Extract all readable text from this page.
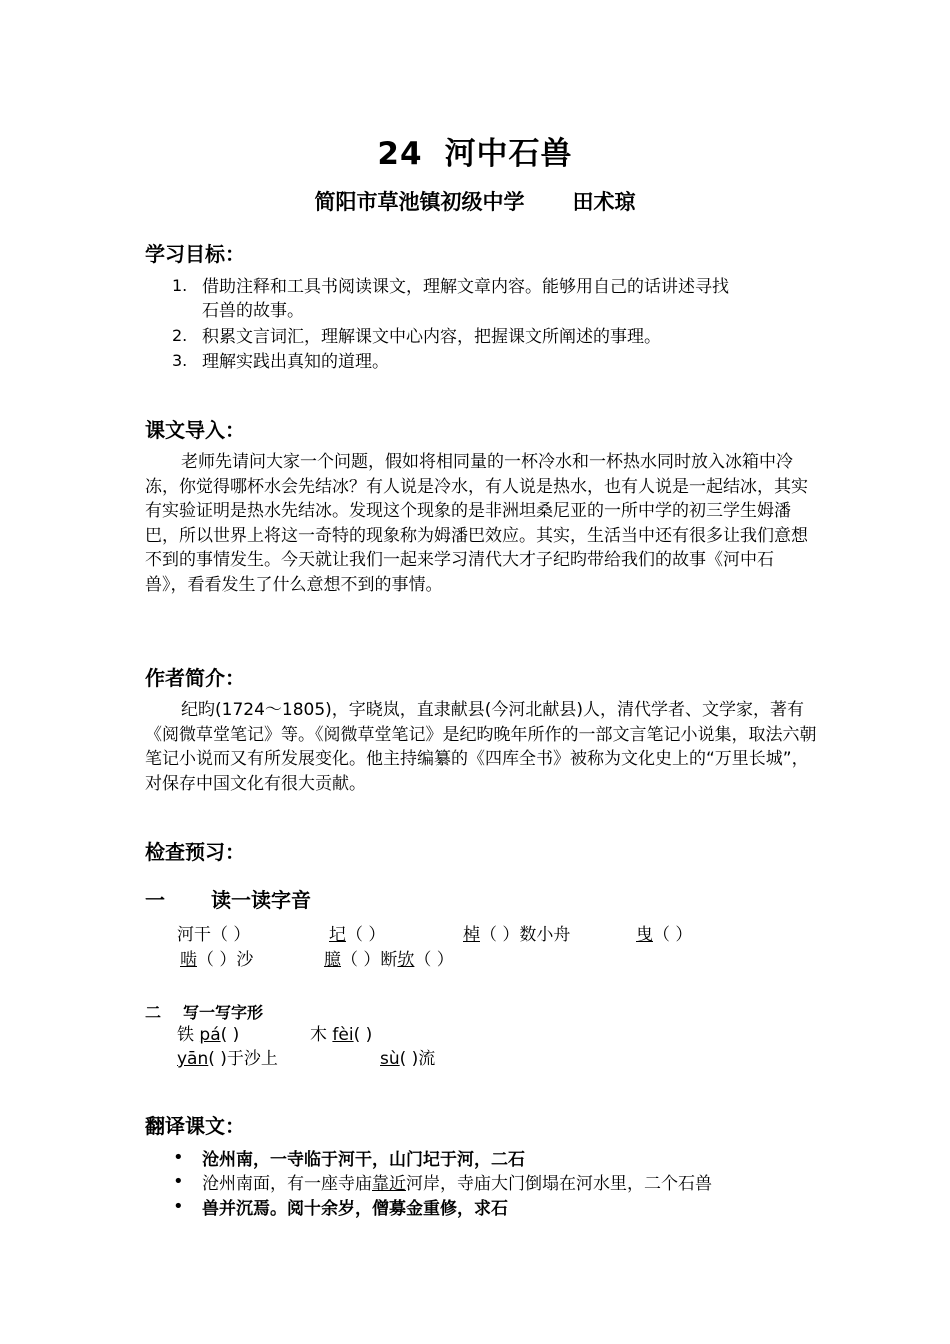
24 河中石兽
简阳市草池镇初级中学 田术琼
学习目标：
1. 借助注释和工具书阅读课文，理解文章内容。能够用自己的话讲述寻找
石兽的故事。
2. 积累文言词汇，理解课文中心内容，把握课文所阐述的事理。
3. 理解实践出真知的道理。
课文导入：
老师先请问大家一个问题，假如将相同量的一杯冷水和一杯热水同时放入冰箱中冷冻，你觉得哪杯水会先结冰？有人说是冷水，有人说是热水，也有人说是一起结冰，其实有实验证明是热水先结冰。发现这个现象的是非洲坦桑尼亚的一所中学的初三学生姆潘巴，所以世界上将这一奇特的现象称为姆潘巴效应。其实，生活当中还有很多让我们意想不到的事情发生。今天就让我们一起来学习清代大才子纪昀带给我们的故事《河中石兽》，看看发生了什么意想不到的事情。
作者简介：
纪昀(1724～1805)，字晓岚，直隶献县(今河北献县)人，清代学者、文学家，著有《阅微草堂笔记》等。《阅微草堂笔记》是纪昀晚年所作的一部文言笔记小说集，取法六朝笔记小说而又有所发展变化。他主持编纂的《四库全书》被称为文化史上的“万里长城”，对保存中国文化有很大贡献。
检查预习：
一 读一读字音
河干（ ）	圮（ ）	棹（ ）数小舟	曳（ ）
啮（ ）沙	臆（ ）断欤（ ）
二 写一写字形
铁 pá( )	木 fèi( )
yān( )于沙上	sù( )流
翻译课文：
• 沧州南，一寺临于河干，山门圮于河，二石
• 沧州南面，有一座寺庙靠近河岸，寺庙大门倒塌在河水里，二个石兽
• 兽并沉焉。阅十余岁，僧募金重修，求石
